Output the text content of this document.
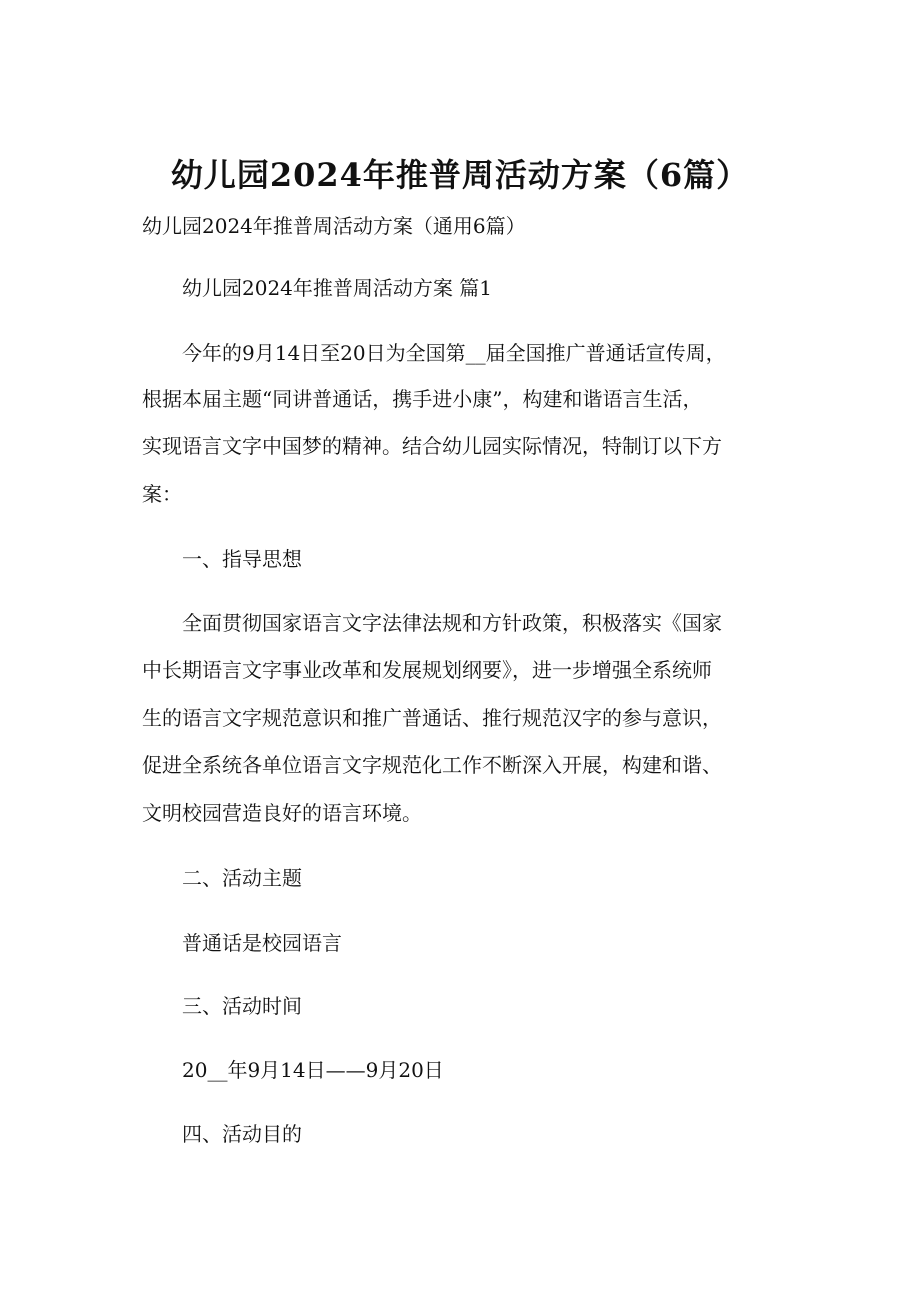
幼儿园2024年推普周活动方案（6篇）

幼儿园2024年推普周活动方案（通用6篇）

幼儿园2024年推普周活动方案 篇1

今年的9月14日至20日为全国第__届全国推广普通话宣传周，

根据本届主题“同讲普通话，携手进小康”，构建和谐语言生活，

实现语言文字中国梦的精神。结合幼儿园实际情况，特制订以下方

案：

一、指导思想

全面贯彻国家语言文字法律法规和方针政策，积极落实《国家

中长期语言文字事业改革和发展规划纲要》，进一步增强全系统师

生的语言文字规范意识和推广普通话、推行规范汉字的参与意识，

促进全系统各单位语言文字规范化工作不断深入开展，构建和谐、

文明校园营造良好的语言环境。

二、活动主题

普通话是校园语言

三、活动时间

20__年9月14日——9月20日

四、活动目的
